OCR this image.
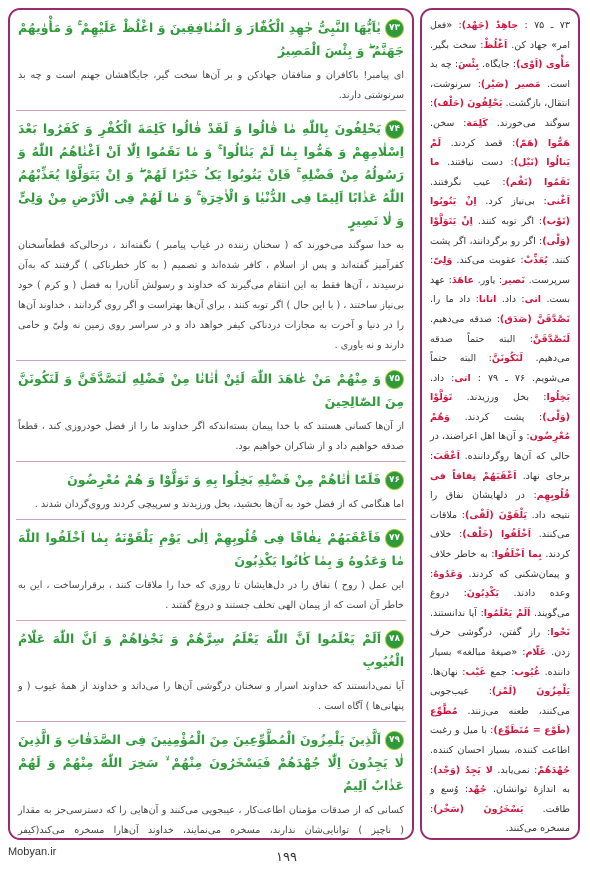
۷۳یٰاَیُّهَا النَّبِیُّ جٰهِدِ الْکُفّٰارَ وَ الْمُنٰافِقِینَ وَ اغْلُظْ عَلَیْهِمْ ۚ وَ مَأْوٰیهُمْ جَهَنَّمُ ۖ وَ بِئْسَ الْمَصِیرُ
ای پیامبر! باکافران و منافقان جهادکن و بر آن‌ها سخت گیر، جایگاهشان جهنم است و چه بد سرنوشتی دارند.
۷۴یَحْلِفُونَ بِاللّٰهِ مٰا قٰالُوا وَ لَقَدْ قٰالُوا کَلِمَةَ الْکُفْرِ وَ کَفَرُوا بَعْدَ اِسْلٰامِهِمْ وَ هَمُّوا بِمٰا لَمْ یَنٰالُوا ۚ وَ مٰا نَقَمُوا اِلّٰا اَنْ اَغْنٰاهُمُ اللّٰهُ وَ رَسُولُهُ مِنْ فَضْلِهِ ۚ فَاِنْ یَتُوبُوا یَکُ خَیْرًا لَهُمْ ۖ وَ اِنْ یَتَوَلَّوْا یُعَذِّبْهُمُ اللّٰهُ عَذٰابًا اَلِیمًا فِی الدُّنْیٰا وَ الْاٰخِرَةِ ۚ وَ مٰا لَهُمْ فِی الْاَرْضِ مِنْ وَلِیٍّ وَ لٰا نَصِیرٍ
به خدا سوگند می‌خورند که ( سخنان زننده در غیاب پیامبر ) نگفته‌اند ، درحالی‌که قطعاًسخنان کفرآمیز گفته‌اند و پس از اسلام ، کافر شده‌اند و تصمیم ( به کار خطرناکی ) گرفتند که به‌آن نرسیدند ، آن‌ها فقط به این انتقام می‌گیرند که خداوند و رسولش آنان‌را به فضل ( و کرم ) خود بی‌نیاز ساختند ، ( با این حال ) اگر توبه کنند ، برای آن‌ها بهتراست و اگر روی گردانند ، خداوند آن‌ها را در دنیا و آخرت به مجازات دردناکی کیفر خواهد داد و در سراسر روی زمین نه ولیّ و حامی دارند و نه یاوری .
۷۵وَ مِنْهُمْ مَنْ عٰاهَدَ اللّٰهَ لَئِنْ اٰتٰانٰا مِنْ فَضْلِهِ لَنَصَّدَّقَنَّ وَ لَنَکُونَنَّ مِنَ الصّٰالِحِینَ
از آن‌ها کسانی هستند که با خدا پیمان بسته‌اندکه اگر خداوند ما را از فضل خودروزی کند ، قطعاً صدقه خواهیم داد و از شاکران خواهیم بود.
۷۶فَلَمّٰا اٰتٰاهُمْ مِنْ فَضْلِهِ بَخِلُوا بِهِ وَ تَوَلَّوْا وَ هُمْ مُعْرِضُونَ
اما هنگامی که از فضل خود به آن‌ها بخشید، بخل ورزیدند و سرپیچی کردند وروی‌گردان شدند .
۷۷فَاَعْقَبَهُمْ نِفٰاقًا فِی قُلُوبِهِمْ اِلٰی یَوْمِ یَلْقَوْنَهُ بِمٰا اَخْلَفُوا اللّٰهَ مٰا وَعَدُوهُ وَ بِمٰا کٰانُوا یَکْذِبُونَ
این عمل ( روح ) نفاق را در دل‌هایشان تا روزی که خدا را ملاقات کنند ، برقرارساخت ، این به خاطر آن است که از پیمان الهی تخلف جستند و دروغ گفتند .
۷۸اَلَمْ یَعْلَمُوا اَنَّ اللّٰهَ یَعْلَمُ سِرَّهُمْ وَ نَجْوٰاهُمْ وَ اَنَّ اللّٰهَ عَلّٰامُ الْغُیُوبِ
آیا نمی‌دانستند که خداوند اسرار و سخنان درگوشی آن‌ها را می‌داند و خداوند از همهٔ غیوب ( و پنهانی‌ها ) آگاه است .
۷۹اَلَّذِینَ یَلْمِزُونَ الْمُطَّوِّعِینَ مِنَ الْمُؤْمِنِینَ فِی الصَّدَقٰاتِ وَ الَّذِینَ لٰا یَجِدُونَ اِلّٰا جُهْدَهُمْ فَیَسْخَرُونَ مِنْهُمْ ۙ سَخِرَ اللّٰهُ مِنْهُمْ وَ لَهُمْ عَذٰابٌ اَلِیمٌ
کسانی که از صدقات مؤمنان اطاعت‌کار ، عیبجویی می‌کنند و آن‌هایی را که دسترسی‌جز به مقدار ( ناچیز ) توانایی‌شان ندارند، مسخره می‌نمایند، خداوند آن‌هارا مسخره می‌کند(کیفر
۷۳ ـ ۷۵ : جاهِدْ (جَهْد): «فعل امر» جهاد کن. اَغْلُظْ: سخت بگیر. مَأْوی (اَوْی): جایگاه. بِئْسَ: چه بد است. مَصیر (صَیْر): سرنوشت، انتقال، بازگشت. یَحْلِفُونَ (حَلْف): سوگند می‌خورند. کَلِمَة: سخن. هَمُّوا (هَمّ): قصد کردند. لَمْ یَنالُوا (نَیْل): دست نیافتند. ما نَقَمُوا (نَقْم): عیب نگرفتند. اَغْنی: بی‌نیاز کرد. اِنْ یَتُوبُوا (تَوْب): اگر توبه کنند. اِنْ یَتَوَلَّوْا (وَلْی): اگر رو برگردانند، اگر پشت کنند. یُعَذِّبْ: عقوبت می‌کند. وَلِیّ: سرپرست. نَصیر: یاور. عاهَدَ: عهد بست. اتی: داد. اتانا: داد ما را. نَصَّدَّقَنَّ (صَدَق): صدقه می‌دهیم. لَنَصَّدَّقَنَّ: البته حتماً صدقه می‌دهیم. لَنَکُونَنَّ: البته حتماً می‌شویم. ۷۶ ـ ۷۹ : اتی: داد. بَخِلُوا: بخل ورزیدند. تَوَلَّوْا (وَلْی): پشت کردند. وَهُمْ مُعْرِضُون: و آن‌ها اهل اعراضند، در حالی که آن‌ها روگرداننده. اَعْقَبَ: برجای نهاد. اَعْقَبَهُمْ نِفاقاً فی قُلُوبِهِم: در دلهایشان نفاق را نتیجه داد. یَلْقَوْنَ (لَقْی): ملاقات می‌کنند. اَخْلَفُوا (خَلْف): خلاف کردند. بِما اَخْلَفُوا: به خاطر خلاف و پیمان‌شکنی که کردند. وَعَدُوهُ: وعده دادند. یَکْذِبُونَ: دروغ می‌گویند. اَلَمْ یَعْلَمُوا: آیا ندانستند. نَجْوا: راز گفتن، درگوشی حرف زدن. عَلّام: «صیغهٔ مبالغه» بسیار داننده. غُیُوب: جمع غَیْب: نهان‌ها. یَلْمِزُونَ (لَمْز): عیب‌جویی می‌کنند، طعنه می‌زنند. مُطَّوِّع (طَوْع = مُتَطَوِّع): با میل و رغبت اطاعت کننده، بسیار احسان کننده. جُهْدَهُمْ: نمی‌یابد. لا یَجِدُ (وَجْد): به اندازهٔ توانشان. جُهْد: وُسع و طاقت. یَسْخَرُونَ (سَخْر): مسخره می‌کنند.
Mobyan.ir	۱۹۹
